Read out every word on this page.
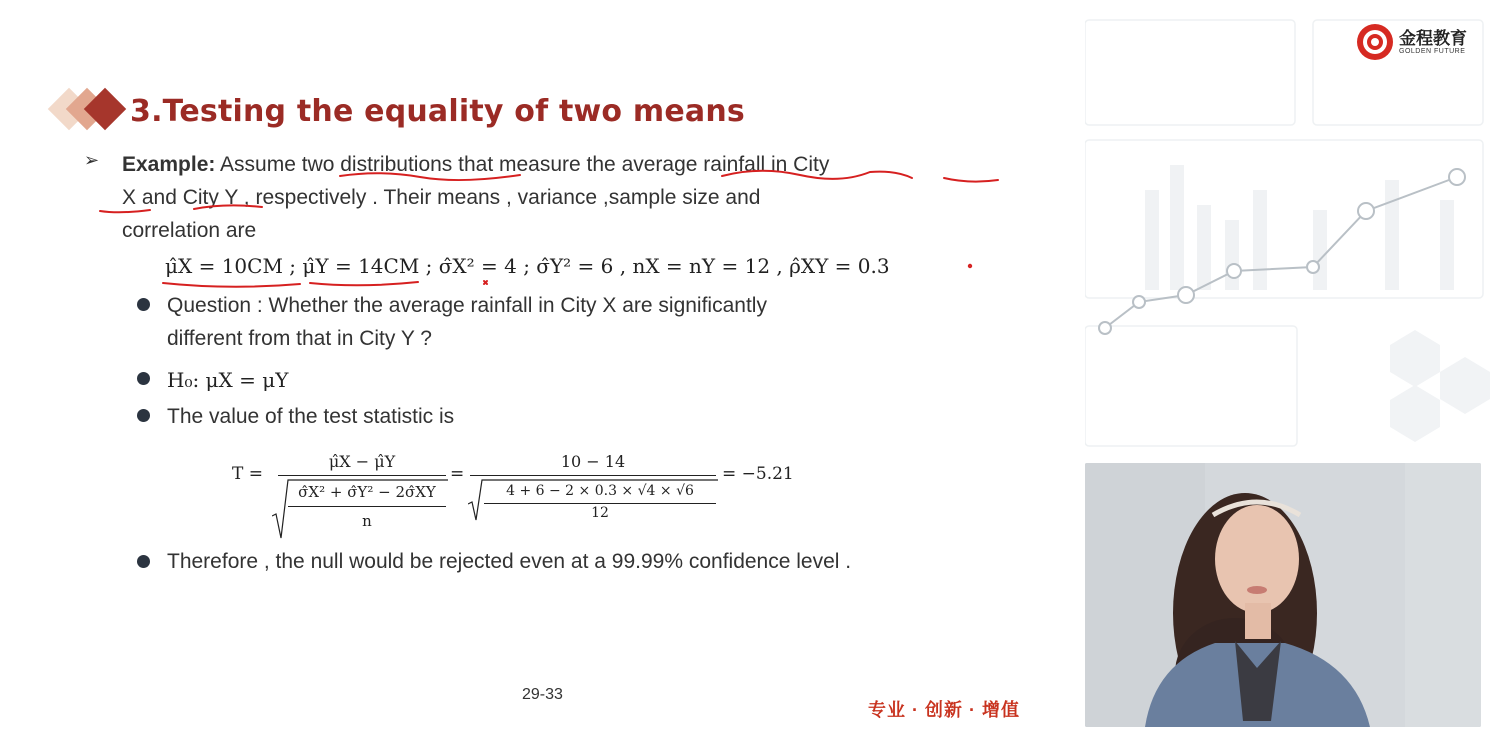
3.Testing the equality of two means
➢ Example: Assume two distributions that measure the average rainfall in City
X and City Y , respectively . Their means , variance ,sample size and
correlation are
μ̂X = 10CM ; μ̂Y = 14CM ; σ̂X² = 4 ; σ̂Y² = 6 , nX = nY = 12 , ρ̂XY = 0.3
Question : Whether the average rainfall in City X are significantly
different from that in City Y ?
H₀: μX = μY
The value of the test statistic is
T =
μ̂X − μ̂Y
σ̂X² + σ̂Y² − 2σ̂XY
n
=
10 − 14
4 + 6 − 2 × 0.3 × √4 × √6
12
= −5.21
Therefore , the null would be rejected even at a 99.99% confidence level .
29-33
专业 · 创新 · 增值
金程教育
GOLDEN FUTURE
